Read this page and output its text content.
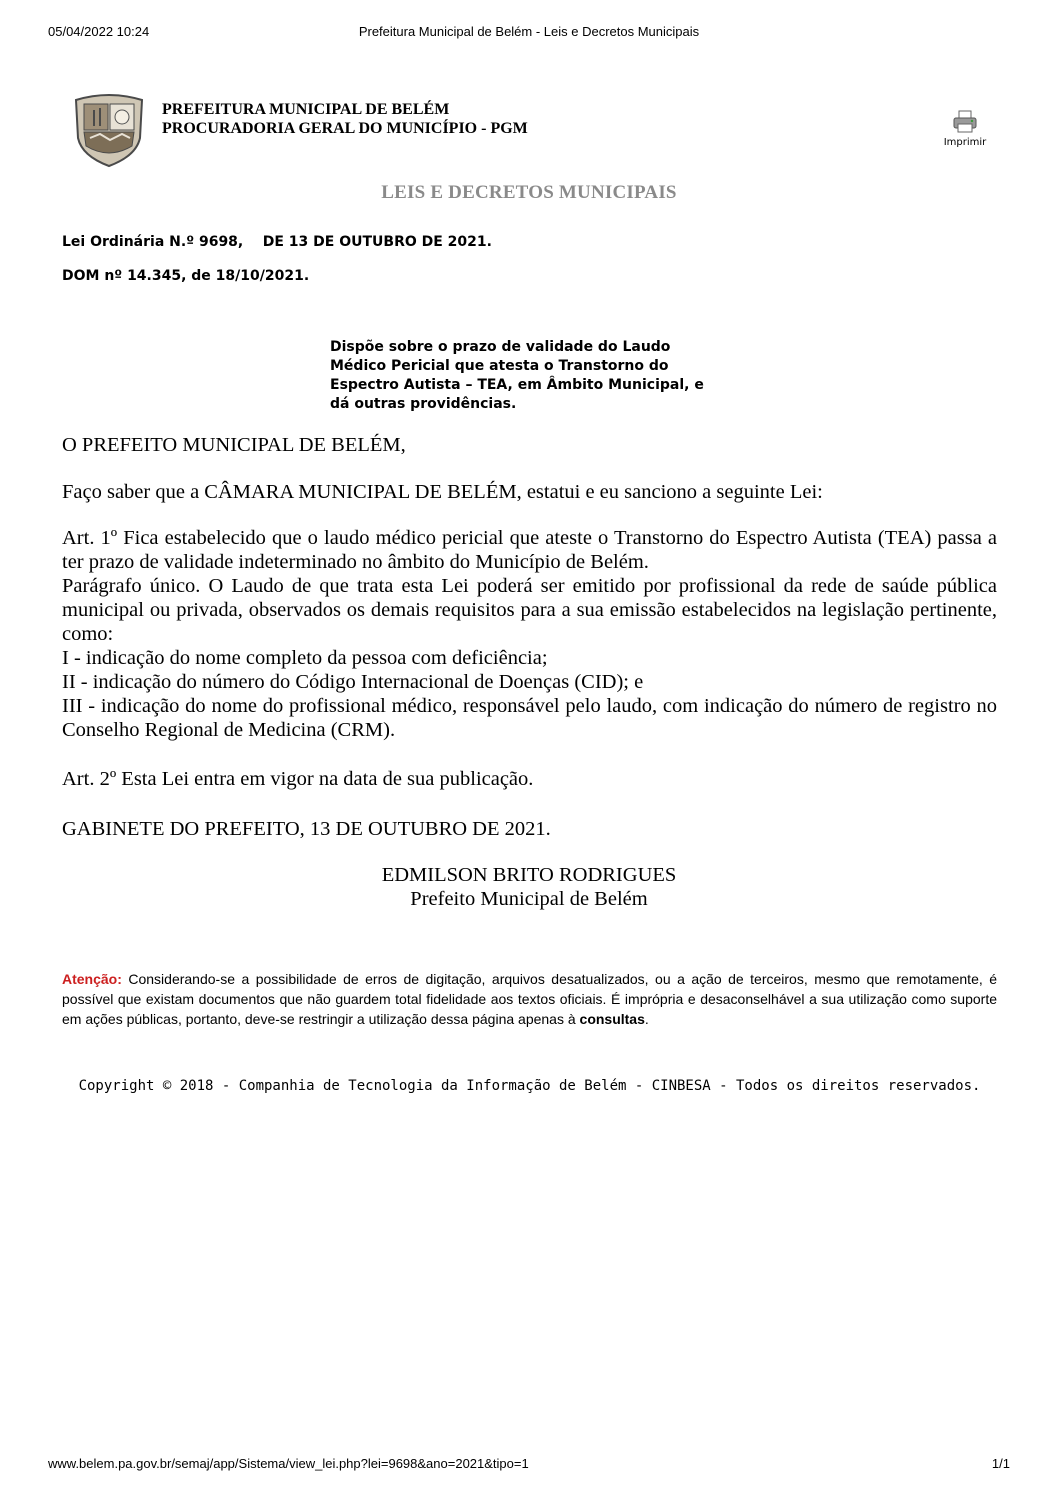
05/04/2022 10:24	Prefeitura Municipal de Belém - Leis e Decretos Municipais
PREFEITURA MUNICIPAL DE BELÉM
PROCURADORIA GERAL DO MUNICÍPIO - PGM
Imprimir
LEIS E DECRETOS MUNICIPAIS
Lei Ordinária N.º 9698,    DE 13 DE OUTUBRO DE 2021.
DOM nº 14.345, de 18/10/2021.
Dispõe sobre o prazo de validade do Laudo Médico Pericial que atesta o Transtorno do Espectro Autista – TEA, em Âmbito Municipal, e dá outras providências.
O PREFEITO MUNICIPAL DE BELÉM,
Faço saber que a CÂMARA MUNICIPAL DE BELÉM, estatui e eu sanciono a seguinte Lei:

Art. 1º Fica estabelecido que o laudo médico pericial que ateste o Transtorno do Espectro Autista (TEA) passa a ter prazo de validade indeterminado no âmbito do Município de Belém.

Parágrafo único. O Laudo de que trata esta Lei poderá ser emitido por profissional da rede de saúde pública municipal ou privada, observados os demais requisitos para a sua emissão estabelecidos na legislação pertinente, como:

I - indicação do nome completo da pessoa com deficiência;

II - indicação do número do Código Internacional de Doenças (CID); e

III - indicação do nome do profissional médico, responsável pelo laudo, com indicação do número de registro no Conselho Regional de Medicina (CRM).

Art. 2º Esta Lei entra em vigor na data de sua publicação.
GABINETE DO PREFEITO, 13 DE OUTUBRO DE 2021.
EDMILSON BRITO RODRIGUES
Prefeito Municipal de Belém
Atenção: Considerando-se a possibilidade de erros de digitação, arquivos desatualizados, ou a ação de terceiros, mesmo que remotamente, é possível que existam documentos que não guardem total fidelidade aos textos oficiais. É imprópria e desaconselhável a sua utilização como suporte em ações públicas, portanto, deve-se restringir a utilização dessa página apenas à consultas.
Copyright © 2018 - Companhia de Tecnologia da Informação de Belém - CINBESA - Todos os direitos reservados.
www.belem.pa.gov.br/semaj/app/Sistema/view_lei.php?lei=9698&ano=2021&tipo=1	1/1
